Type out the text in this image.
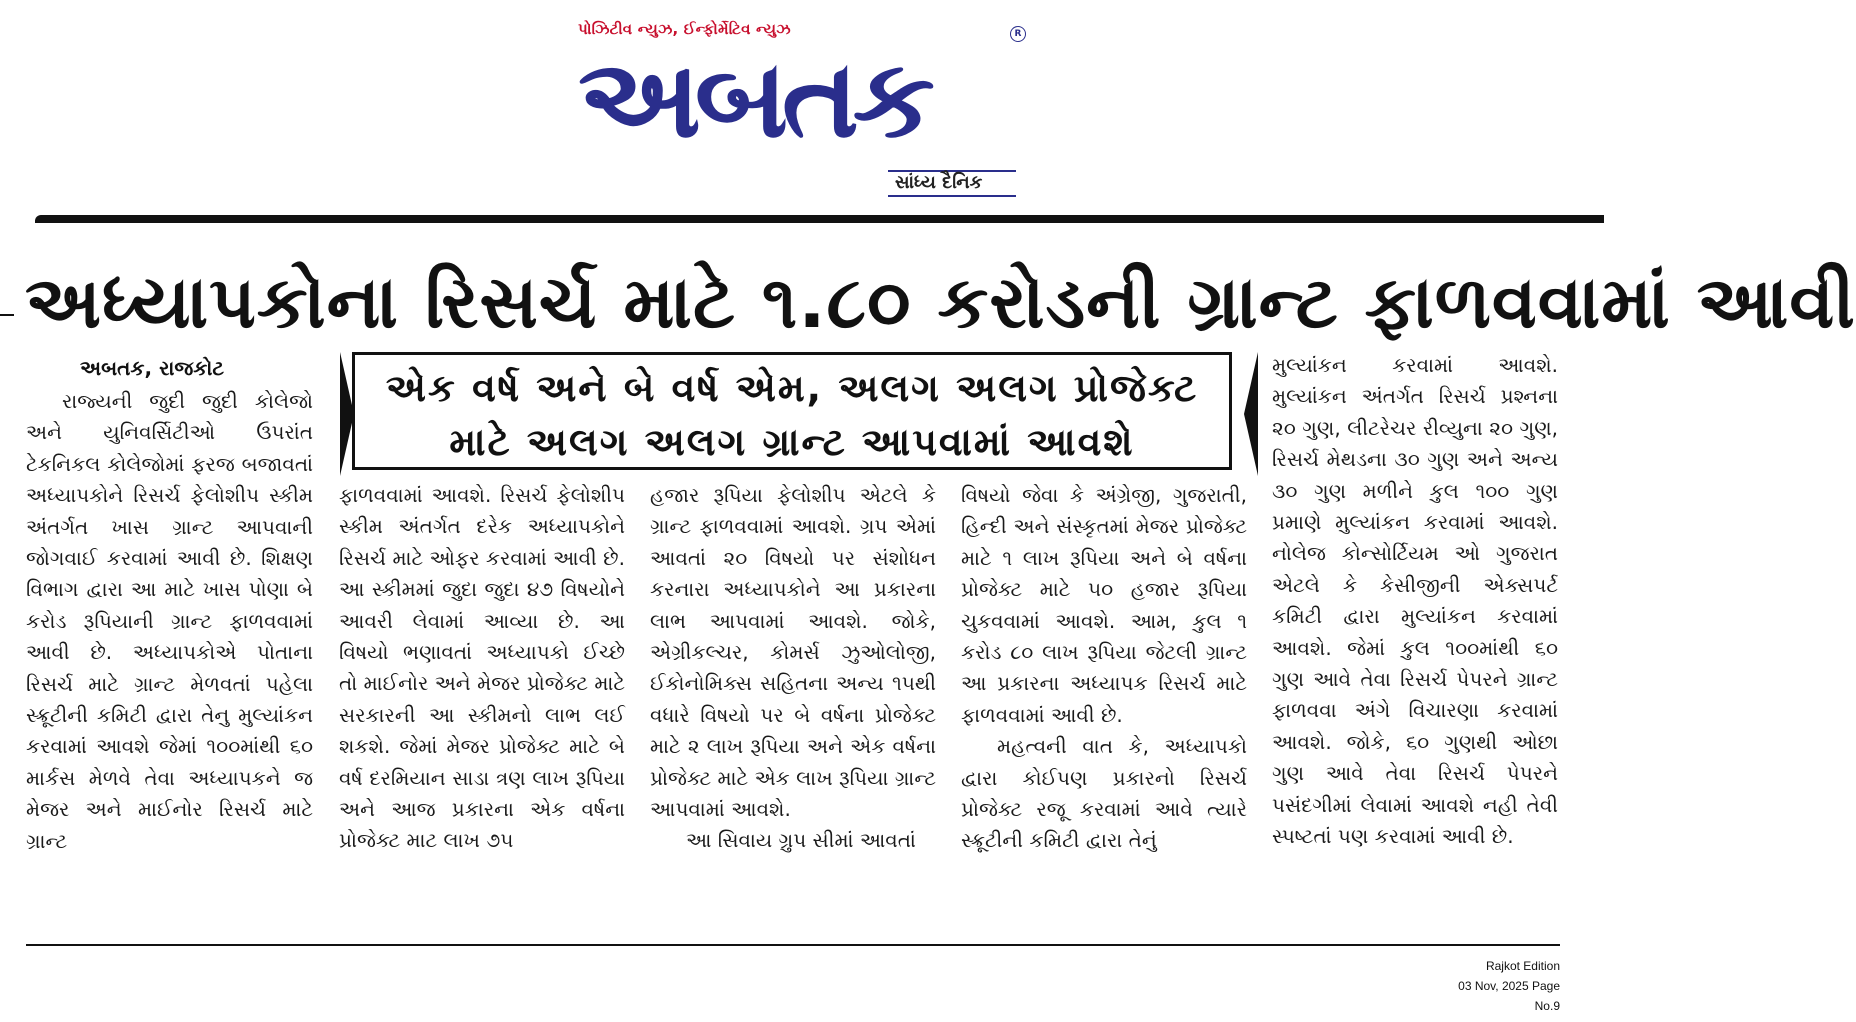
પોઝિટીવ ન્યુઝ, ઈન્ફોર્મેટિવ ન્યુઝ
અબતક
R
સાંધ્ય દૈનિક
અધ્યાપકોના રિસર્ચ માટે ૧.૮૦ કરોડની ગ્રાન્ટ ફાળવવામાં આવી
એક વર્ષ અને બે વર્ષ એમ, અલગ અલગ પ્રોજેક્ટ
માટે અલગ અલગ ગ્રાન્ટ આપવામાં આવશે
અબતક, રાજકોટ

રાજ્યની જુદી જુદી કોલેજો અને યુનિવર્સિટીઓ ઉપરાંત ટેકનિકલ કોલેજોમાં ફરજ બજાવતાં અધ્યાપકોને રિસર્ચ ફેલોશીપ સ્કીમ અંતર્ગત ખાસ ગ્રાન્ટ આપવાની જોગવાઈ કરવામાં આવી છે. શિક્ષણ વિભાગ દ્વારા આ માટે ખાસ પોણા બે કરોડ રૂપિયાની ગ્રાન્ટ ફાળવવામાં આવી છે. અધ્યાપકોએ પોતાના રિસર્ચ માટે ગ્રાન્ટ મેળવતાં પહેલા સ્ક્રૂટીની કમિટી દ્વારા તેનુ મુલ્યાંકન કરવામાં આવશે જેમાં ૧૦૦માંથી ૬૦ માર્કસ મેળવે તેવા અધ્યાપકને જ મેજર અને માઈનોર રિસર્ચ માટે ગ્રાન્ટ

ફાળવવામાં આવશે. રિસર્ચ ફેલોશીપ સ્કીમ અંતર્ગત દરેક અધ્યાપકોને રિસર્ચ માટે ઓફર કરવામાં આવી છે. આ સ્કીમમાં જુદા જુદા ૪૭ વિષયોને આવરી લેવામાં આવ્યા છે. આ વિષયો ભણાવતાં અધ્યાપકો ઈચ્છે તો માઈનોર અને મેજર પ્રોજેક્ટ માટે સરકારની આ સ્કીમનો લાભ લઈ શકશે. જેમાં મેજર પ્રોજેક્ટ માટે બે વર્ષ દરમિયાન સાડા ત્રણ લાખ રૂપિયા અને આજ પ્રકારના એક વર્ષના પ્રોજેક્ટ માટ લાખ ૭૫

હજાર રૂપિયા ફેલોશીપ એટલે કે ગ્રાન્ટ ફાળવવામાં આવશે. ગ્રપ એમાં આવતાં ૨૦ વિષયો પર સંશોધન કરનારા અધ્યાપકોને આ પ્રકારના લાભ આપવામાં આવશે. જોકે, એગ્રીકલ્ચર, કોમર્સ ઝુઓલોજી, ઈકોનોમિક્સ સહિતના અન્ય ૧૫થી વધારે વિષયો પર બે વર્ષના પ્રોજેક્ટ માટે ૨ લાખ રૂપિયા અને એક વર્ષના પ્રોજેક્ટ માટે એક લાખ રૂપિયા ગ્રાન્ટ આપવામાં આવશે.

આ સિવાય ગ્રુપ સીમાં આવતાં

વિષયો જેવા કે અંગ્રેજી, ગુજરાતી, હિન્દી અને સંસ્કૃતમાં મેજર પ્રોજેક્ટ માટે ૧ લાખ રૂપિયા અને બે વર્ષના પ્રોજેક્ટ માટે ૫૦ હજાર રૂપિયા ચુકવવામાં આવશે. આમ, કુલ ૧ કરોડ ૮૦ લાખ રૂપિયા જેટલી ગ્રાન્ટ આ પ્રકારના અધ્યાપક રિસર્ચ માટે ફાળવવામાં આવી છે.

મહત્વની વાત કે, અધ્યાપકો દ્વારા કોઈપણ પ્રકારનો રિસર્ચ પ્રોજેક્ટ રજૂ કરવામાં આવે ત્યારે સ્ક્રૂટીની કમિટી દ્વારા તેનું

મુલ્યાંકન કરવામાં આવશે. મુલ્યાંકન અંતર્ગત રિસર્ચ પ્રશ્નના ૨૦ ગુણ, લીટરેચર રીવ્યુના ૨૦ ગુણ, રિસર્ચ મેથડના ૩૦ ગુણ અને અન્ય ૩૦ ગુણ મળીને કુલ ૧૦૦ ગુણ પ્રમાણે મુલ્યાંકન કરવામાં આવશે. નોલેજ કોન્સોર્ટિયમ ઓ ગુજરાત એટલે કે કેસીજીની એક્સપર્ટ કમિટી દ્વારા મુલ્યાંકન કરવામાં આવશે. જેમાં કુલ ૧૦૦માંથી ૬૦ ગુણ આવે તેવા રિસર્ચ પેપરને ગ્રાન્ટ ફાળવવા અંગે વિચારણા કરવામાં આવશે. જોકે, ૬૦ ગુણથી ઓછા ગુણ આવે તેવા રિસર્ચ પેપરને પસંદગીમાં લેવામાં આવશે નહી તેવી સ્પષ્ટતાં પણ કરવામાં આવી છે.

Rajkot Edition
03 Nov, 2025 Page No.9
